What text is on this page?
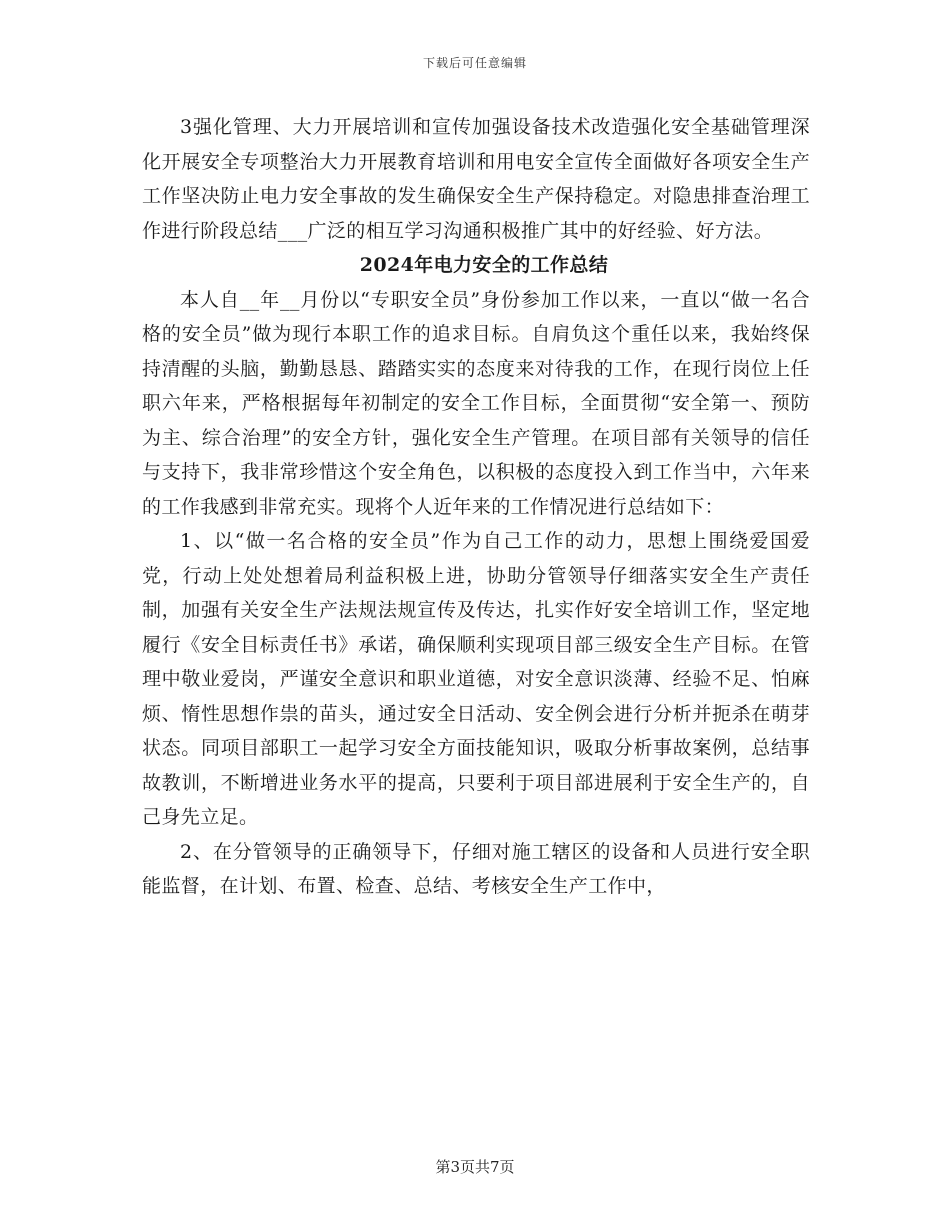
下载后可任意编辑

3强化管理、大力开展培训和宣传加强设备技术改造强化安全基础管理深化开展安全专项整治大力开展教育培训和用电安全宣传全面做好各项安全生产工作坚决防止电力安全事故的发生确保安全生产保持稳定。对隐患排查治理工作进行阶段总结___广泛的相互学习沟通积极推广其中的好经验、好方法。

2024年电力安全的工作总结

本人自__年__月份以“专职安全员”身份参加工作以来，一直以“做一名合格的安全员”做为现行本职工作的追求目标。自肩负这个重任以来，我始终保持清醒的头脑，勤勤恳恳、踏踏实实的态度来对待我的工作，在现行岗位上任职六年来，严格根据每年初制定的安全工作目标，全面贯彻“安全第一、预防为主、综合治理”的安全方针，强化安全生产管理。在项目部有关领导的信任与支持下，我非常珍惜这个安全角色，以积极的态度投入到工作当中，六年来的工作我感到非常充实。现将个人近年来的工作情况进行总结如下：

1、以“做一名合格的安全员”作为自己工作的动力，思想上围绕爱国爱党，行动上处处想着局利益积极上进，协助分管领导仔细落实安全生产责任制，加强有关安全生产法规法规宣传及传达，扎实作好安全培训工作，坚定地履行《安全目标责任书》承诺，确保顺利实现项目部三级安全生产目标。在管理中敬业爱岗，严谨安全意识和职业道德，对安全意识淡薄、经验不足、怕麻烦、惰性思想作祟的苗头，通过安全日活动、安全例会进行分析并扼杀在萌芽状态。同项目部职工一起学习安全方面技能知识，吸取分析事故案例，总结事故教训，不断增进业务水平的提高，只要利于项目部进展利于安全生产的，自己身先立足。

2、在分管领导的正确领导下，仔细对施工辖区的设备和人员进行安全职能监督，在计划、布置、检查、总结、考核安全生产工作中，

第3页共7页
